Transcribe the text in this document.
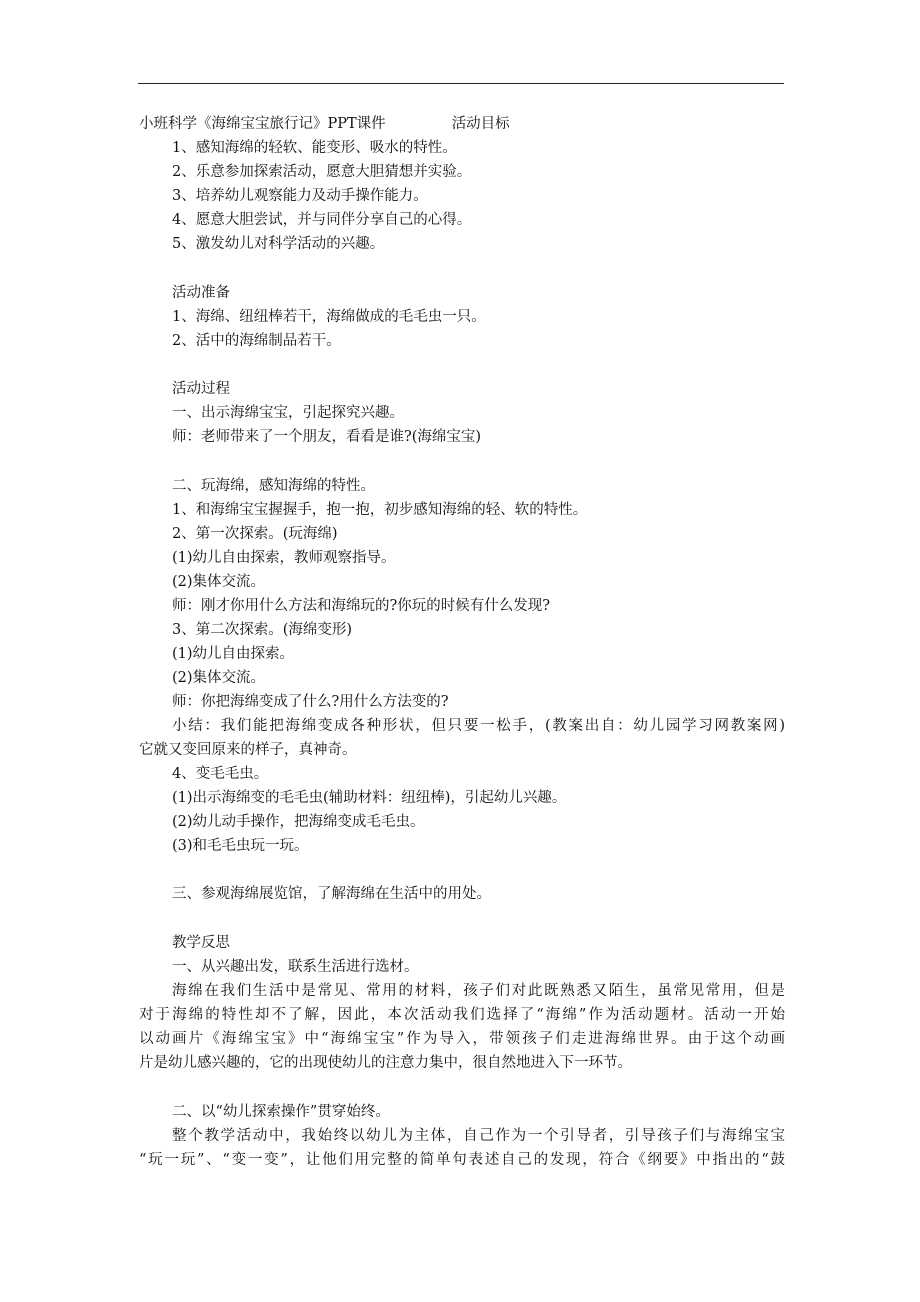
小班科学《海绵宝宝旅行记》PPT课件	活动目标
1、感知海绵的轻软、能变形、吸水的特性。
2、乐意参加探索活动，愿意大胆猜想并实验。
3、培养幼儿观察能力及动手操作能力。
4、愿意大胆尝试，并与同伴分享自己的心得。
5、激发幼儿对科学活动的兴趣。
活动准备
1、海绵、纽纽棒若干，海绵做成的毛毛虫一只。
2、活中的海绵制品若干。
活动过程
一、出示海绵宝宝，引起探究兴趣。
师：老师带来了一个朋友，看看是谁?(海绵宝宝)
二、玩海绵，感知海绵的特性。
1、和海绵宝宝握握手，抱一抱，初步感知海绵的轻、软的特性。
2、第一次探索。(玩海绵)
(1)幼儿自由探索，教师观察指导。
(2)集体交流。
师：刚才你用什么方法和海绵玩的?你玩的时候有什么发现?
3、第二次探索。(海绵变形)
(1)幼儿自由探索。
(2)集体交流。
师：你把海绵变成了什么?用什么方法变的?
小结：我们能把海绵变成各种形状，但只要一松手，(教案出自：幼儿园学习网教案网)
它就又变回原来的样子，真神奇。
4、变毛毛虫。
(1)出示海绵变的毛毛虫(辅助材料：纽纽棒)，引起幼儿兴趣。
(2)幼儿动手操作，把海绵变成毛毛虫。
(3)和毛毛虫玩一玩。
三、参观海绵展览馆，了解海绵在生活中的用处。
教学反思
一、从兴趣出发，联系生活进行选材。
海绵在我们生活中是常见、常用的材料，孩子们对此既熟悉又陌生，虽常见常用，但是
对于海绵的特性却不了解，因此，本次活动我们选择了“海绵”作为活动题材。活动一开始
以动画片《海绵宝宝》中“海绵宝宝”作为导入，带领孩子们走进海绵世界。由于这个动画
片是幼儿感兴趣的，它的出现使幼儿的注意力集中，很自然地进入下一环节。
二、以“幼儿探索操作”贯穿始终。
整个教学活动中，我始终以幼儿为主体，自己作为一个引导者，引导孩子们与海绵宝宝
“玩一玩”、“变一变”，让他们用完整的简单句表述自己的发现，符合《纲要》中指出的“鼓
